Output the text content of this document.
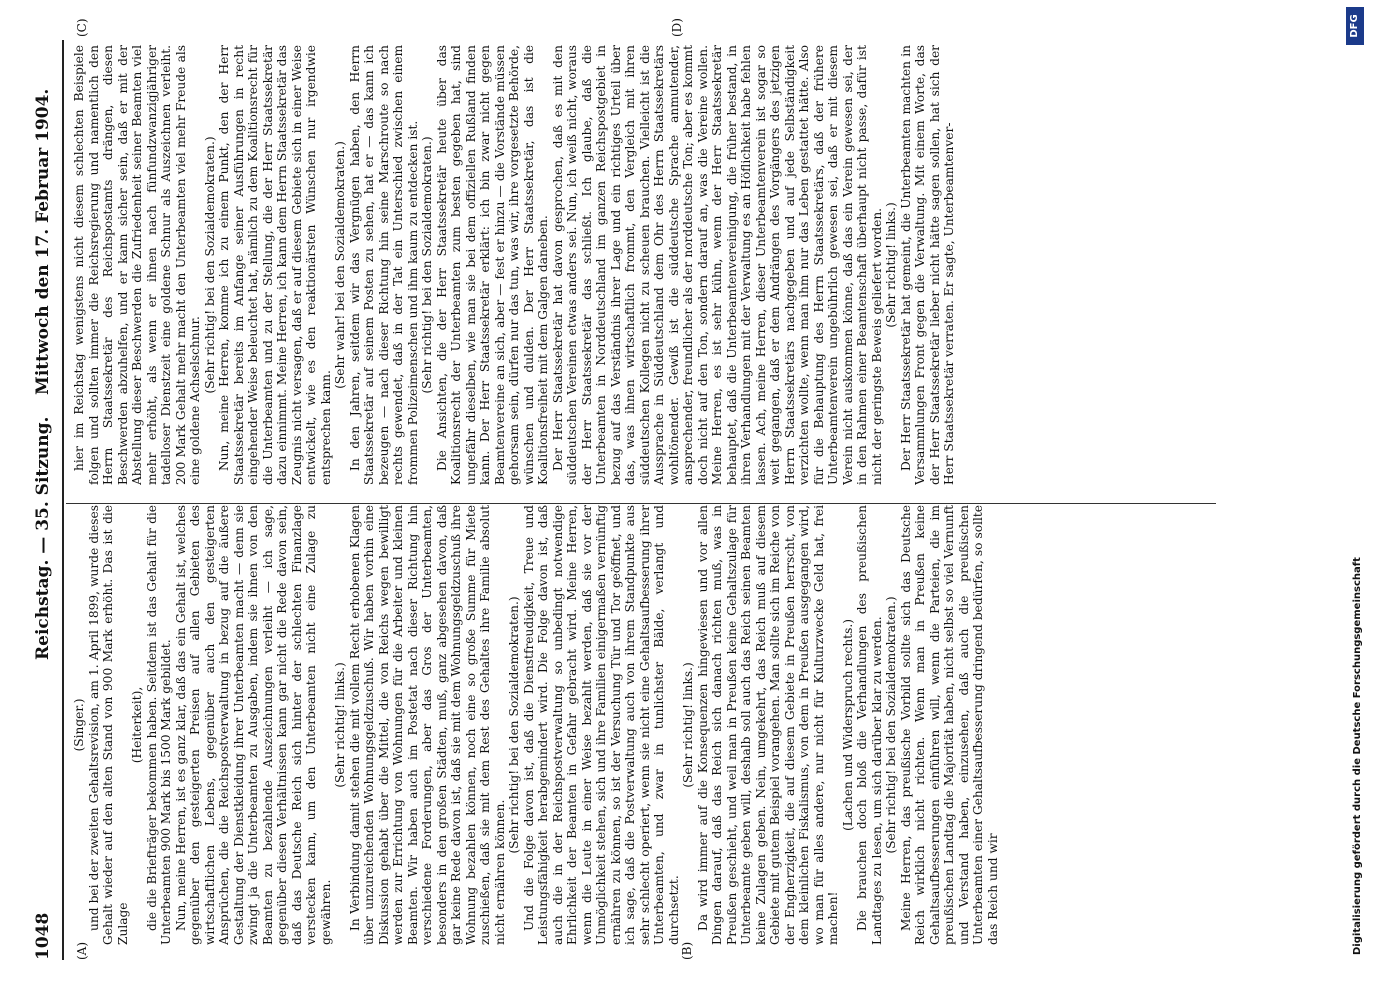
1048
Reichstag. — 35. Sitzung.
Mittwoch den 17. Februar 1904.
(A)	(B)
(C)	(D)

(Singer.) und bei der zweiten Gehaltsrevision, am 1. April 1899, wurde dieses Gehalt wieder auf den alten Stand von 900 Mark erhöht. Das ist die Zulage

(Heiterkeit), die die Briefträger bekommen haben. Seitdem ist das Gehalt für die Unterbeamten 900 Mark bis 1500 Mark gebildet. Nun, meine Herren, ist es ganz klar, daß das ein Gehalt ist, welches gegenüber den gesteigerten Preisen auf allen Gebieten des wirtschaftlichen Lebens, gegenüber auch den gesteigerten Ansprüchen, die die Reichspostverwaltung in bezug auf die äußere Gestaltung der Dienstkleidung ihrer Unterbeamten macht — denn sie zwingt ja die Unterbeamten zu Ausgaben, indem sie ihnen von den Beamten zu bezahlende Auszeichnungen verleiht — ich sage, gegenüber diesen Verhältnissen kann gar nicht die Rede davon sein, daß das Deutsche Reich sich hinter der schlechten Finanzlage verstecken kann, um den Unterbeamten nicht eine Zulage zu gewähren.

(Sehr richtig! links.) In Verbindung damit stehen die mit vollem Recht erhobenen Klagen über unzureichenden Wohnungsgeldzuschuß. Wir haben vorhin eine Diskussion gehabt über die Mittel, die von Reichs wegen bewilligt werden zur Errichtung von Wohnungen für die Arbeiter und kleinen Beamten. Wir haben auch im Postetat nach dieser Richtung hin verschiedene Forderungen, aber das Gros der Unterbeamten, besonders in den großen Städten, muß, ganz abgesehen davon, daß gar keine Rede davon ist, daß sie mit dem Wohnungsgeldzuschuß ihre Wohnung bezahlen können, noch eine so große Summe für Miete zuschießen, daß sie mit dem Rest des Gehaltes ihre Familie absolut nicht ernähren können.

(Sehr richtig! bei den Sozialdemokraten.) Und die Folge davon ist, daß die Dienstfreudigkeit, Treue und Leistungsfähigkeit herabgemindert wird. Die Folge davon ist, daß auch die in der Reichspostverwaltung so unbedingt notwendige Ehrlichkeit der Beamten in Gefahr gebracht wird. Meine Herren, wenn die Leute in einer Weise bezahlt werden, daß sie vor der Unmöglichkeit stehen, sich und ihre Familien einigermaßen vernünftig ernähren zu können, so ist der Versuchung Tür und Tor geöffnet, und ich sage, daß die Postverwaltung auch von ihrem Standpunkte aus sehr schlecht operiert, wenn sie nicht eine Gehaltsaufbesserung ihrer Unterbeamten, und zwar in tunlichster Bälde, verlangt und durchsetzt.

(Sehr richtig! links.) Da wird immer auf die Konsequenzen hingewiesen und vor allen Dingen darauf, daß das Reich sich danach richten muß, was in Preußen geschieht, und weil man in Preußen keine Gehaltszulage für Unterbeamte geben will, deshalb soll auch das Reich seinen Beamten keine Zulagen geben. Nein, umgekehrt, das Reich muß auf diesem Gebiete mit gutem Beispiel vorangehen. Man sollte sich im Reiche von der Engherzigkeit, die auf diesem Gebiete in Preußen herrscht, von dem kleinlichen Fiskalismus, von dem in Preußen ausgegangen wird, wo man für alles andere, nur nicht für Kulturzwecke Geld hat, frei machen!

(Lachen und Widerspruch rechts.) Die brauchen doch bloß die Verhandlungen des preußischen Landtages zu lesen, um sich darüber klar zu werden. (Sehr richtig! bei den Sozialdemokraten.) Meine Herren, das preußische Vorbild sollte sich das Deutsche Reich wirklich nicht richten. Wenn man in Preußen keine Gehaltsaufbesserungen einführen will, wenn die Parteien, die im preußischen Landtag die Majorität haben, nicht selbst so viel Vernunft und Verstand haben, einzusehen, daß auch die preußischen Unterbeamten einer Gehaltsaufbesserung dringend bedürfen, so sollte das Reich und wir

hier im Reichstag wenigstens nicht diesem schlechten Beispiele folgen und sollten immer die Reichsregierung und namentlich den Herrn Staatssekretär des Reichspostamts drängen, diesen Beschwerden abzuhelfen, und er kann sicher sein, daß er mit der Abstellung dieser Beschwerden die Zufriedenheit seiner Beamten viel mehr erhöht, als wenn er ihnen nach fünfundzwanzigjähriger tadelloser Dienstzeit eine goldene Schnur als Auszeichnen verleiht. 200 Mark Gehalt mehr macht den Unterbeamten viel mehr Freude als eine goldene Achselschnur.

(Sehr richtig! bei den Sozialdemokraten.) Nun, meine Herren, komme ich zu einem Punkt, den der Herr Staatssekretär bereits im Anfange seiner Ausführungen in recht eingehender Weise beleuchtet hat, nämlich zu dem Koalitionsrecht für die Unterbeamten und zu der Stellung, die der Herr Staatssekretär dazu einnimmt. Meine Herren, ich kann dem Herrn Staatssekretär das Zeugnis nicht versagen, daß er auf diesem Gebiete sich in einer Weise entwickelt, wie es den reaktionärsten Wünschen nur irgendwie entsprechen kann.

(Sehr wahr! bei den Sozialdemokraten.) In den Jahren, seitdem wir das Vergnügen haben, den Herrn Staatssekretär auf seinem Posten zu sehen, hat er — das kann ich bezeugen — nach dieser Richtung hin seine Marschroute so nach rechts gewendet, daß in der Tat ein Unterschied zwischen einem frommen Polizeimenschen und ihm kaum zu entdecken ist. (Sehr richtig! bei den Sozialdemokraten.) Die Ansichten, die der Herr Staatssekretär heute über das Koalitionsrecht der Unterbeamten zum besten gegeben hat, sind ungefähr dieselben, wie man sie bei dem offiziellen Rußland finden kann. Der Herr Staatssekretär erklärt: ich bin zwar nicht gegen Beamtenvereine an sich, aber — fest er hinzu — die Vorstände müssen gehorsam sein, dürfen nur das tun, was wir, ihre vorgesetzte Behörde, wünschen und dulden. Der Herr Staatssekretär, das ist die Koalitionsfreiheit mit dem Galgen daneben. Der Herr Staatssekretär hat davon gesprochen, daß es mit den süddeutschen Vereinen etwas anders sei. Nun, ich weiß nicht, woraus der Herr Staatssekretär das schließt. Ich glaube, daß die Unterbeamten in Norddeutschland im ganzen Reichspostgebiet in bezug auf das Verständnis ihrer Lage und ein richtiges Urteil über das, was ihnen wirtschaftlich frommt, den Vergleich mit ihren süddeutschen Kollegen nicht zu scheuen brauchen. Vielleicht ist die Aussprache in Süddeutschland dem Ohr des Herrn Staatssekretärs wohltönender. Gewiß ist die süddeutsche Sprache anmutender, ansprechender, freundlicher als der norddeutsche Ton; aber es kommt doch nicht auf den Ton, sondern darauf an, was die Vereine wollen. Meine Herren, es ist sehr kühn, wenn der Herr Staatssekretär behauptet, daß die Unterbeamtenvereinigung, die früher bestand, in ihren Verhandlungen mit der Verwaltung es an Höflichkeit habe fehlen lassen. Ach, meine Herren, dieser Unterbeamtenverein ist sogar so weit gegangen, daß er dem Andrängen des Vorgängers des jetzigen Herrn Staatssekretärs nachgegeben und auf jede Selbständigkeit verzichten wollte, wenn man ihm nur das Leben gestattet hätte. Also für die Behauptung des Herrn Staatssekretärs, daß der frühere Unterbeamtenverein ungebührlich gewesen sei, daß er mit diesem Verein nicht auskommen könne, daß das ein Verein gewesen sei, der in den Rahmen einer Beamtenschaft überhaupt nicht passe, dafür ist nicht der geringste Beweis geliefert worden. (Sehr richtig! links.) Der Herr Staatssekretär hat gemeint, die Unterbeamten machten in Versammlungen Front gegen die Verwaltung. Mit einem Worte, das der Herr Staatssekretär lieber nicht hätte sagen sollen, hat sich der Herr Staatssekretär verraten. Er sagte, Unterbeamtenver-

Digitalisierung gefördert durch die Deutsche Forschungsgemeinschaft
DFG
